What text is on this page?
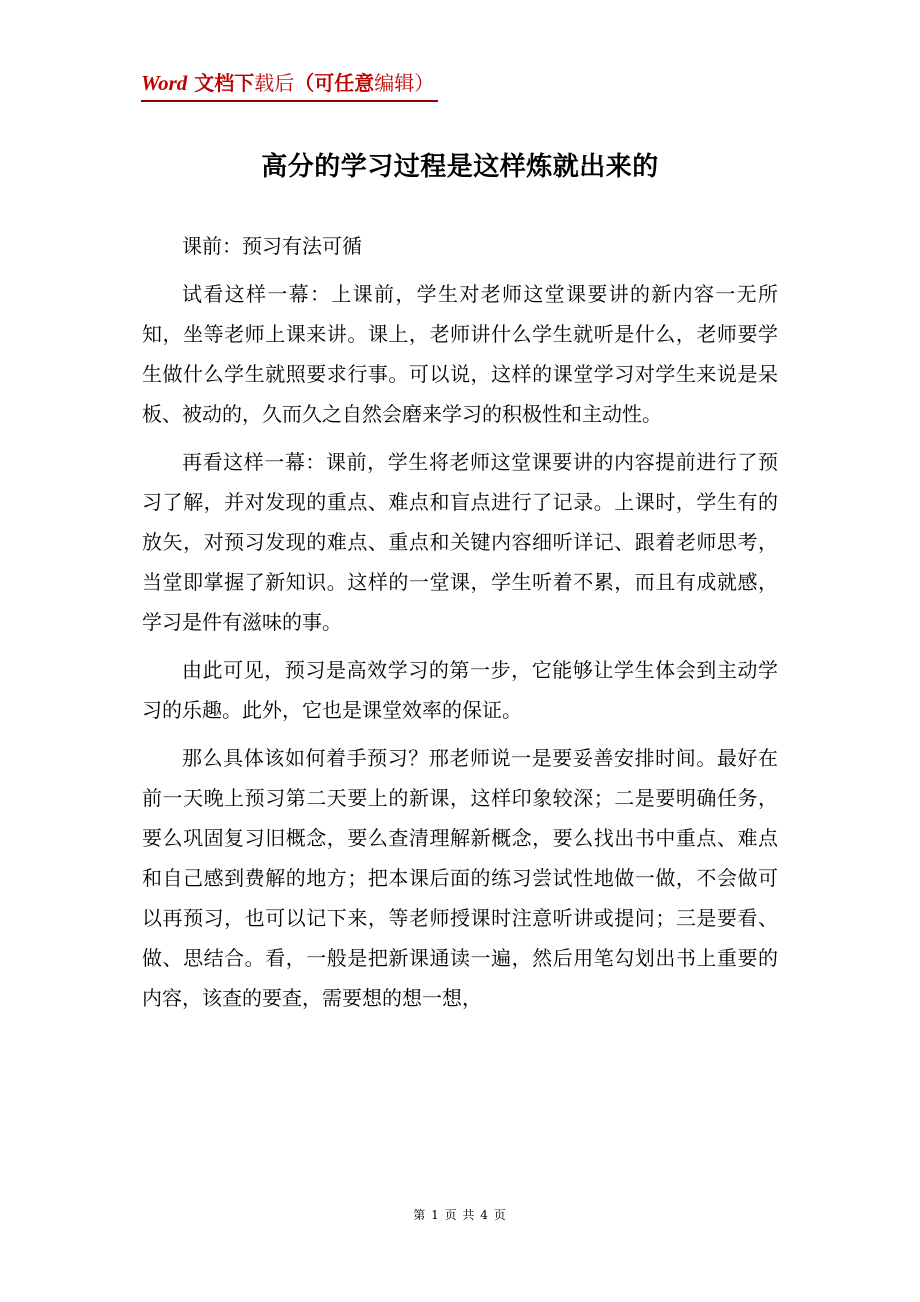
Word 文档下载后（可任意编辑）
高分的学习过程是这样炼就出来的

课前：预习有法可循

试看这样一幕：上课前，学生对老师这堂课要讲的新内容一无所知，坐等老师上课来讲。课上，老师讲什么学生就听是什么，老师要学生做什么学生就照要求行事。可以说，这样的课堂学习对学生来说是呆板、被动的，久而久之自然会磨来学习的积极性和主动性。

再看这样一幕：课前，学生将老师这堂课要讲的内容提前进行了预习了解，并对发现的重点、难点和盲点进行了记录。上课时，学生有的放矢，对预习发现的难点、重点和关键内容细听详记、跟着老师思考，当堂即掌握了新知识。这样的一堂课，学生听着不累，而且有成就感，学习是件有滋味的事。

由此可见，预习是高效学习的第一步，它能够让学生体会到主动学习的乐趣。此外，它也是课堂效率的保证。

那么具体该如何着手预习？邢老师说一是要妥善安排时间。最好在前一天晚上预习第二天要上的新课，这样印象较深；二是要明确任务，要么巩固复习旧概念，要么查清理解新概念，要么找出书中重点、难点和自己感到费解的地方；把本课后面的练习尝试性地做一做，不会做可以再预习，也可以记下来，等老师授课时注意听讲或提问；三是要看、做、思结合。看，一般是把新课通读一遍，然后用笔勾划出书上重要的内容，该查的要查，需要想的想一想，

第 1 页 共 4 页
